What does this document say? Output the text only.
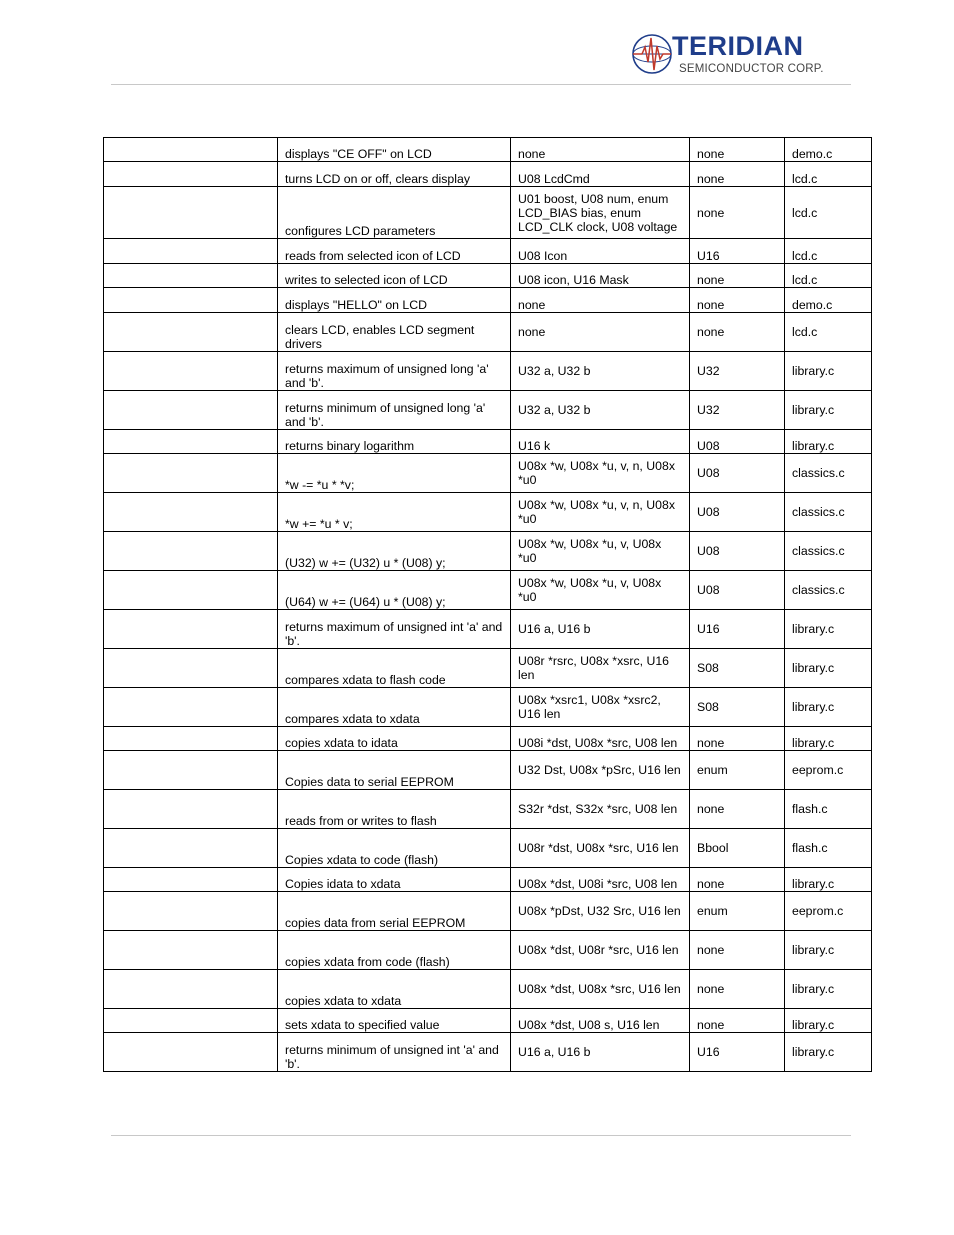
TERIDIAN
SEMICONDUCTOR CORP.
	displays "CE OFF" on LCD	none	none	demo.c
	turns LCD on or off, clears display	U08 LcdCmd	none	lcd.c
	configures LCD parameters	U01 boost, U08 num, enum LCD_BIAS bias, enum LCD_CLK clock, U08 voltage	none	lcd.c
	reads from selected icon of LCD	U08 Icon	U16	lcd.c
	writes to selected icon of LCD	U08 icon, U16 Mask	none	lcd.c
	displays "HELLO" on LCD	none	none	demo.c
	clears LCD, enables LCD segment drivers	none	none	lcd.c
	returns maximum of unsigned long 'a' and 'b'.	U32 a, U32 b	U32	library.c
	returns minimum of unsigned long 'a' and 'b'.	U32 a, U32 b	U32	library.c
	returns binary logarithm	U16 k	U08	library.c
	*w -= *u * *v;	U08x *w, U08x *u, v, n, U08x *u0	U08	classics.c
	*w += *u * v;	U08x *w, U08x *u, v, n, U08x *u0	U08	classics.c
	(U32) w += (U32) u * (U08) y;	U08x *w, U08x *u, v, U08x *u0	U08	classics.c
	(U64) w += (U64) u * (U08) y;	U08x *w, U08x *u, v, U08x *u0	U08	classics.c
	returns maximum of unsigned int 'a' and 'b'.	U16 a, U16 b	U16	library.c
	compares xdata to flash code	U08r *rsrc, U08x *xsrc, U16 len	S08	library.c
	compares xdata to xdata	U08x *xsrc1, U08x *xsrc2, U16 len	S08	library.c
	copies xdata to idata	U08i *dst, U08x *src, U08 len	none	library.c
	Copies data to serial EEPROM	U32 Dst, U08x *pSrc, U16 len	enum	eeprom.c
	reads from or writes to flash	S32r *dst, S32x *src, U08 len	none	flash.c
	Copies xdata to code (flash)	U08r *dst, U08x *src, U16 len	Bbool	flash.c
	Copies idata to xdata	U08x *dst, U08i *src, U08 len	none	library.c
	copies data from serial EEPROM	U08x *pDst, U32 Src, U16 len	enum	eeprom.c
	copies xdata from code (flash)	U08x *dst, U08r *src, U16 len	none	library.c
	copies xdata to xdata	U08x *dst, U08x *src, U16 len	none	library.c
	sets xdata to specified value	U08x *dst, U08 s, U16 len	none	library.c
	returns minimum of unsigned int 'a' and 'b'.	U16 a, U16 b	U16	library.c
